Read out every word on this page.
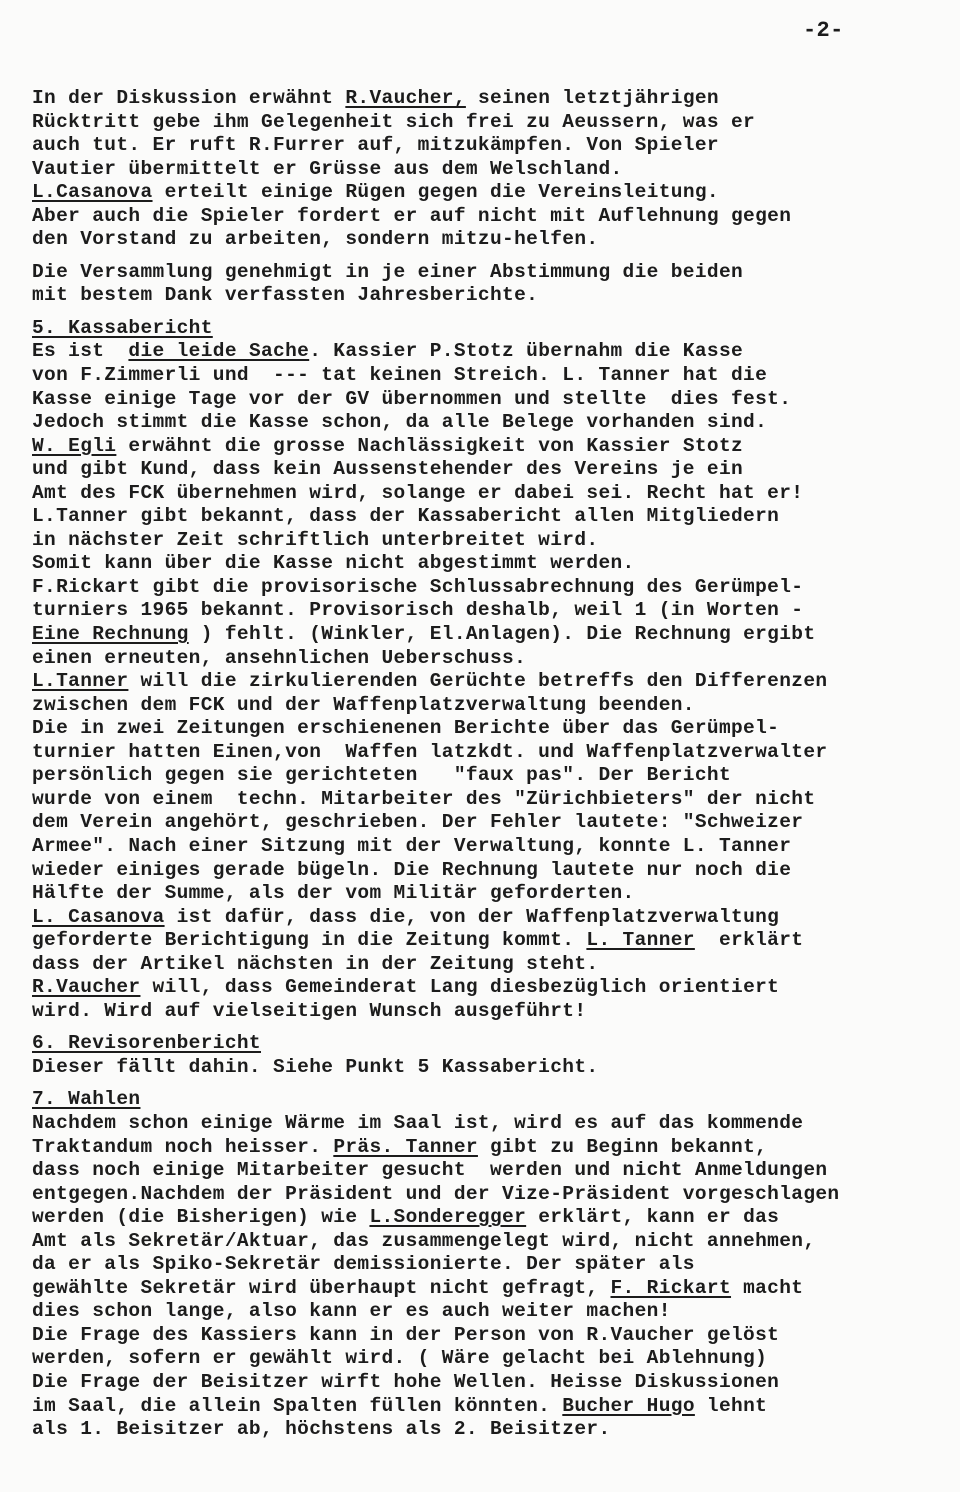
-2-
In der Diskussion erwähnt R.Vaucher, seinen letztjährigen
Rücktritt gebe ihm Gelegenheit sich frei zu Aeussern, was er
auch tut. Er ruft R.Furrer auf, mitzukämpfen. Von Spieler
Vautier übermittelt er Grüsse aus dem Welschland.
L.Casanova erteilt einige Rügen gegen die Vereinsleitung.
Aber auch die Spieler fordert er auf nicht mit Auflehnung gegen
den Vorstand zu arbeiten, sondern mitzu-helfen.
Die Versammlung genehmigt in je einer Abstimmung die beiden
mit bestem Dank verfassten Jahresberichte.
5. Kassabericht
Es ist  die leide Sache. Kassier P.Stotz übernahm die Kasse
von F.Zimmerli und  --- tat keinen Streich. L. Tanner hat die
Kasse einige Tage vor der GV übernommen und stellte  dies fest.
Jedoch stimmt die Kasse schon, da alle Belege vorhanden sind.
W. Egli erwähnt die grosse Nachlässigkeit von Kassier Stotz
und gibt Kund, dass kein Aussenstehender des Vereins je ein
Amt des FCK übernehmen wird, solange er dabei sei. Recht hat er!
L.Tanner gibt bekannt, dass der Kassabericht allen Mitgliedern
in nächster Zeit schriftlich unterbreitet wird.
Somit kann über die Kasse nicht abgestimmt werden.
F.Rickart gibt die provisorische Schlussabrechnung des Gerümpel-
turniers 1965 bekannt. Provisorisch deshalb, weil 1 (in Worten -
Eine Rechnung ) fehlt. (Winkler, El.Anlagen). Die Rechnung ergibt
einen erneuten, ansehnlichen Ueberschuss.
L.Tanner will die zirkulierenden Gerüchte betreffs den Differenzen
zwischen dem FCK und der Waffenplatzverwaltung beenden.
Die in zwei Zeitungen erschienenen Berichte über das Gerümpel-
turnier hatten Einen,von  Waffen latzkdt. und Waffenplatzverwalter
persönlich gegen sie gerichteten   "faux pas". Der Bericht
wurde von einem  techn. Mitarbeiter des "Zürichbieters" der nicht
dem Verein angehört, geschrieben. Der Fehler lautete: "Schweizer
Armee". Nach einer Sitzung mit der Verwaltung, konnte L. Tanner
wieder einiges gerade bügeln. Die Rechnung lautete nur noch die
Hälfte der Summe, als der vom Militär geforderten.
L. Casanova ist dafür, dass die, von der Waffenplatzverwaltung
geforderte Berichtigung in die Zeitung kommt. L. Tanner  erklärt
dass der Artikel nächsten in der Zeitung steht.
R.Vaucher will, dass Gemeinderat Lang diesbezüglich orientiert
wird. Wird auf vielseitigen Wunsch ausgeführt!
6. Revisorenbericht
Dieser fällt dahin. Siehe Punkt 5 Kassabericht.
7. Wahlen
Nachdem schon einige Wärme im Saal ist, wird es auf das kommende
Traktandum noch heisser. Präs. Tanner gibt zu Beginn bekannt,
dass noch einige Mitarbeiter gesucht  werden und nicht Anmeldungen
entgegen.Nachdem der Präsident und der Vize-Präsident vorgeschlagen
werden (die Bisherigen) wie L.Sonderegger erklärt, kann er das
Amt als Sekretär/Aktuar, das zusammengelegt wird, nicht annehmen,
da er als Spiko-Sekretär demissionierte. Der später als
gewählte Sekretär wird überhaupt nicht gefragt, F. Rickart macht
dies schon lange, also kann er es auch weiter machen!
Die Frage des Kassiers kann in der Person von R.Vaucher gelöst
werden, sofern er gewählt wird. ( Wäre gelacht bei Ablehnung)
Die Frage der Beisitzer wirft hohe Wellen. Heisse Diskussionen
im Saal, die allein Spalten füllen könnten. Bucher Hugo lehnt
als 1. Beisitzer ab, höchstens als 2. Beisitzer.
